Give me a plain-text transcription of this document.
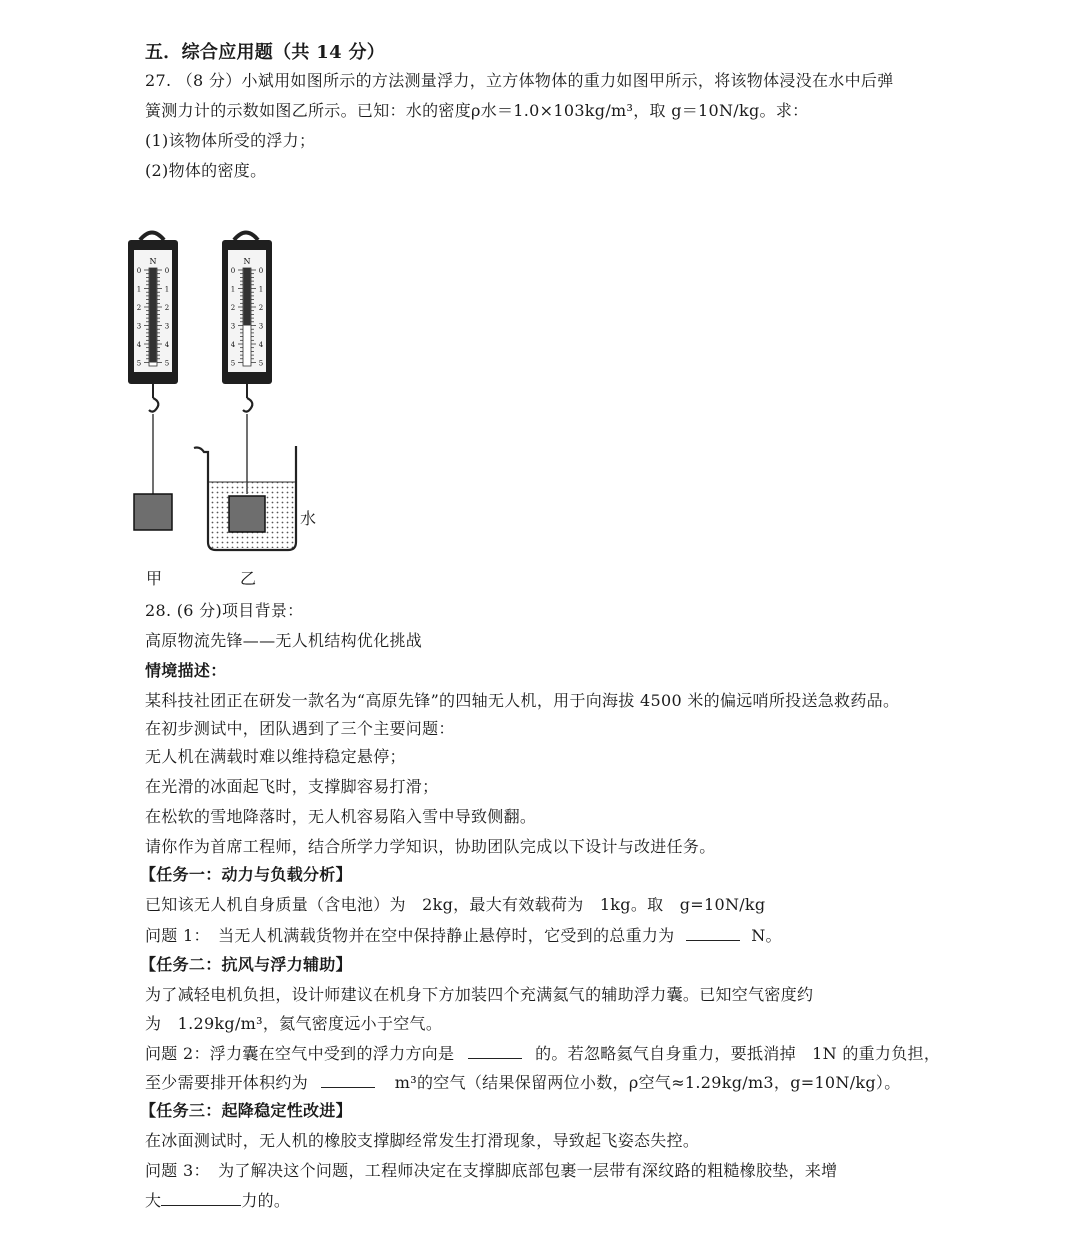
五．综合应用题（共 14 分）
27. （8 分）小斌用如图所示的方法测量浮力，立方体物体的重力如图甲所示，将该物体浸没在水中后弹
簧测力计的示数如图乙所示。已知：水的密度ρ水＝1.0×103kg/m³，取 g＝10N/kg。求：
(1)该物体所受的浮力；
(2)物体的密度。
N
0	0
1	1
2	2
3	3
4	4
5	5
N
0	0
1	1
2	2
3	3
4	4
5	5
水
甲	乙
28. (6 分)项目背景：
高原物流先锋——无人机结构优化挑战
情境描述：
某科技社团正在研发一款名为“高原先锋”的四轴无人机，用于向海拔 4500 米的偏远哨所投送急救药品。
在初步测试中，团队遇到了三个主要问题：
无人机在满载时难以维持稳定悬停；
在光滑的冰面起飞时，支撑脚容易打滑；
在松软的雪地降落时，无人机容易陷入雪中导致侧翻。
请你作为首席工程师，结合所学力学知识，协助团队完成以下设计与改进任务。
【任务一：动力与负载分析】
已知该无人机自身质量（含电池）为　2kg，最大有效载荷为　1kg。取　g=10N/kg
问题 1：　当无人机满载货物并在空中保持静止悬停时，它受到的总重力为	N。
【任务二：抗风与浮力辅助】
为了减轻电机负担，设计师建议在机身下方加装四个充满氦气的辅助浮力囊。已知空气密度约
为　1.29kg/m³，氦气密度远小于空气。
问题 2：浮力囊在空气中受到的浮力方向是	的。若忽略氦气自身重力，要抵消掉　1N 的重力负担，
至少需要排开体积约为	m³的空气（结果保留两位小数，ρ空气≈1.29kg/m3，g=10N/kg）。
【任务三：起降稳定性改进】
在冰面测试时，无人机的橡胶支撑脚经常发生打滑现象，导致起飞姿态失控。
问题 3：　为了解决这个问题，工程师决定在支撑脚底部包裹一层带有深纹路的粗糙橡胶垫，来增
大	力的。
